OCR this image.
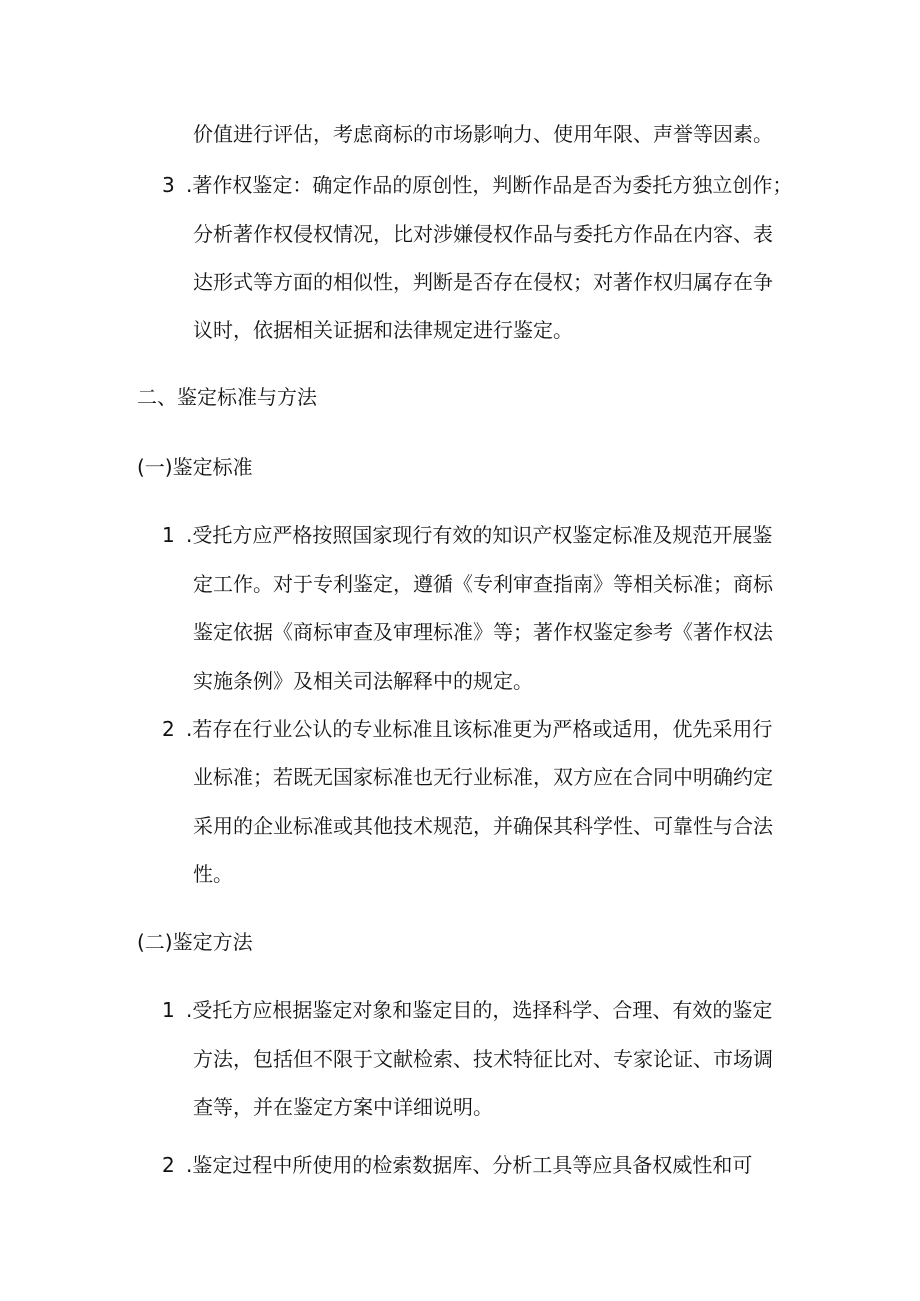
价值进行评估，考虑商标的市场影响力、使用年限、声誉等因素。
3 .著作权鉴定：确定作品的原创性，判断作品是否为委托方独立创作；
分析著作权侵权情况，比对涉嫌侵权作品与委托方作品在内容、表
达形式等方面的相似性，判断是否存在侵权；对著作权归属存在争
议时，依据相关证据和法律规定进行鉴定。
二、鉴定标准与方法
(一)鉴定标准
1 .受托方应严格按照国家现行有效的知识产权鉴定标准及规范开展鉴
定工作。对于专利鉴定，遵循《专利审查指南》等相关标准；商标
鉴定依据《商标审查及审理标准》等；著作权鉴定参考《著作权法
实施条例》及相关司法解释中的规定。
2 .若存在行业公认的专业标准且该标准更为严格或适用，优先采用行
业标准；若既无国家标准也无行业标准，双方应在合同中明确约定
采用的企业标准或其他技术规范，并确保其科学性、可靠性与合法
性。
(二)鉴定方法
1 .受托方应根据鉴定对象和鉴定目的，选择科学、合理、有效的鉴定
方法，包括但不限于文献检索、技术特征比对、专家论证、市场调
查等，并在鉴定方案中详细说明。
2 .鉴定过程中所使用的检索数据库、分析工具等应具备权威性和可
